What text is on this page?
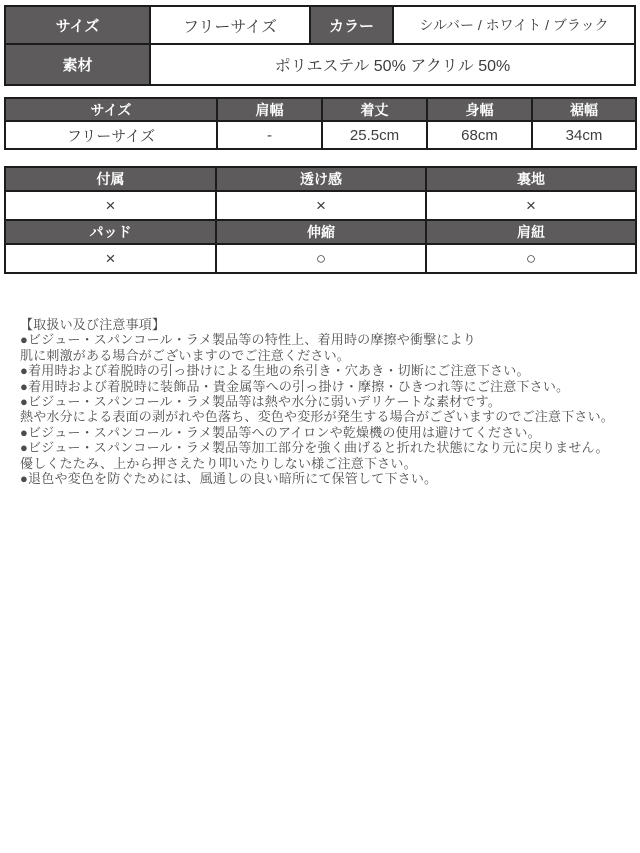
サイズ	フリーサイズ	カラー	シルバー / ホワイト / ブラック
素材	ポリエステル 50% アクリル 50%		
サイズ	肩幅	着丈	身幅	裾幅
フリーサイズ	-	25.5cm	68cm	34cm
付属	透け感	裏地
×	×	×
パッド	伸縮	肩紐
×	○	○
【取扱い及び注意事項】
●ビジュー・スパンコール・ラメ製品等の特性上、着用時の摩擦や衝撃により
肌に刺激がある場合がございますのでご注意ください。
●着用時および着脱時の引っ掛けによる生地の糸引き・穴あき・切断にご注意下さい。
●着用時および着脱時に装飾品・貴金属等への引っ掛け・摩擦・ひきつれ等にご注意下さい。
●ビジュー・スパンコール・ラメ製品等は熱や水分に弱いデリケートな素材です。
熱や水分による表面の剥がれや色落ち、変色や変形が発生する場合がございますのでご注意下さい。
●ビジュー・スパンコール・ラメ製品等へのアイロンや乾燥機の使用は避けてください。
●ビジュー・スパンコール・ラメ製品等加工部分を強く曲げると折れた状態になり元に戻りません。
優しくたたみ、上から押さえたり叩いたりしない様ご注意下さい。
●退色や変色を防ぐためには、風通しの良い暗所にて保管して下さい。
